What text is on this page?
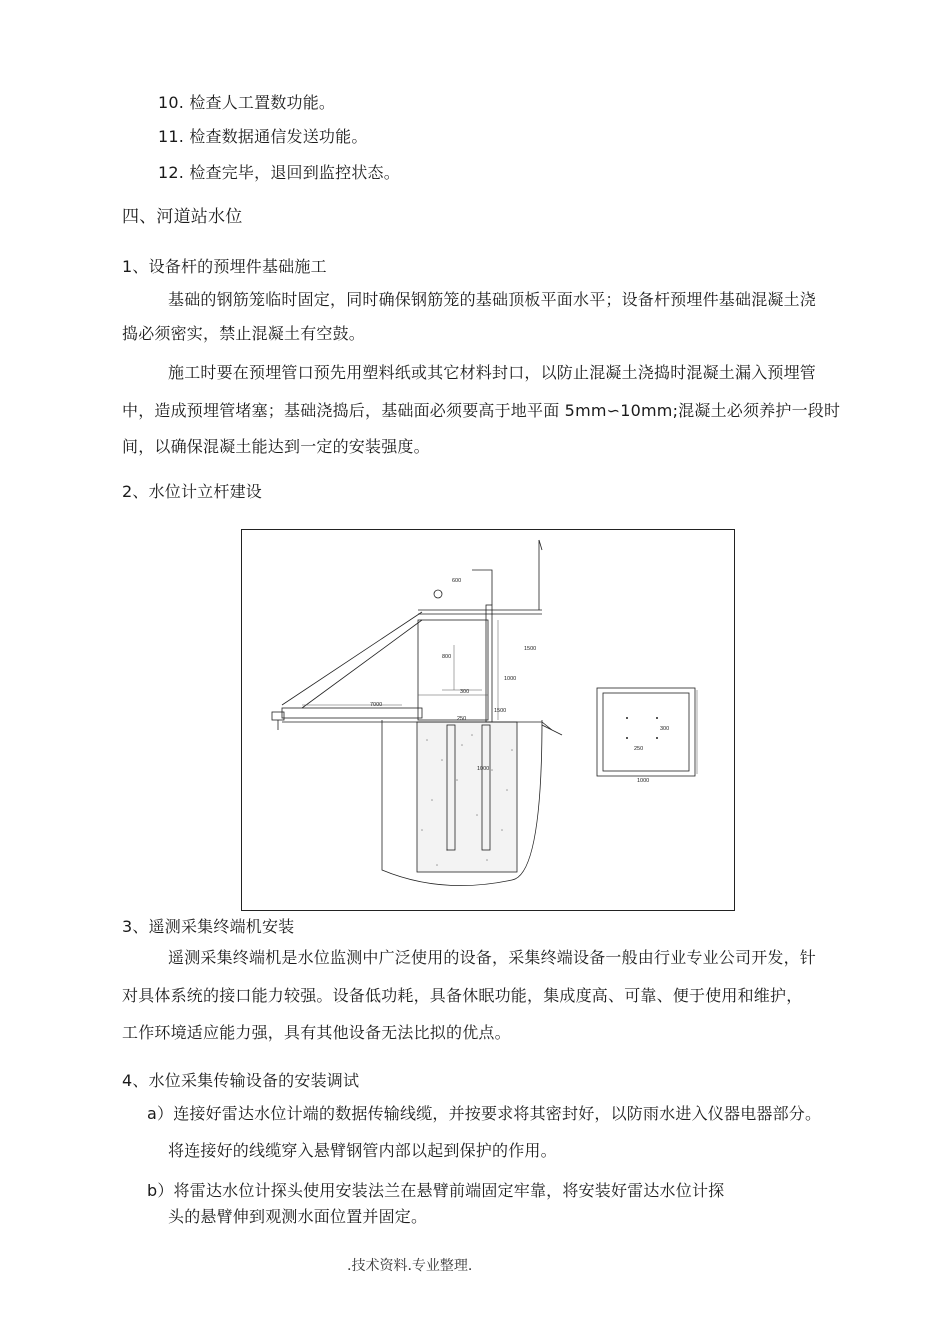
10. 检查人工置数功能。
11. 检查数据通信发送功能。
12. 检查完毕，退回到监控状态。
四、河道站水位
1、设备杆的预埋件基础施工
基础的钢筋笼临时固定，同时确保钢筋笼的基础顶板平面水平；设备杆预埋件基础混凝土浇
捣必须密实，禁止混凝土有空鼓。
施工时要在预埋管口预先用塑料纸或其它材料封口，以防止混凝土浇捣时混凝土漏入预埋管
中，造成预埋管堵塞；基础浇捣后，基础面必须要高于地平面 5mm∽10mm;混凝土必须养护一段时
间，以确保混凝土能达到一定的安装强度。
2、水位计立杆建设
600
800
1500
1000
300
250
7000
1500
1000
250
300
1000
3、遥测采集终端机安装
遥测采集终端机是水位监测中广泛使用的设备，采集终端设备一般由行业专业公司开发，针
对具体系统的接口能力较强。设备低功耗，具备休眠功能，集成度高、可靠、便于使用和维护，
工作环境适应能力强，具有其他设备无法比拟的优点。
4、水位采集传输设备的安装调试
a）连接好雷达水位计端的数据传输线缆，并按要求将其密封好，以防雨水进入仪器电器部分。
将连接好的线缆穿入悬臂钢管内部以起到保护的作用。
b）将雷达水位计探头使用安装法兰在悬臂前端固定牢靠，将安装好雷达水位计探
头的悬臂伸到观测水面位置并固定。
.技术资料.专业整理.
